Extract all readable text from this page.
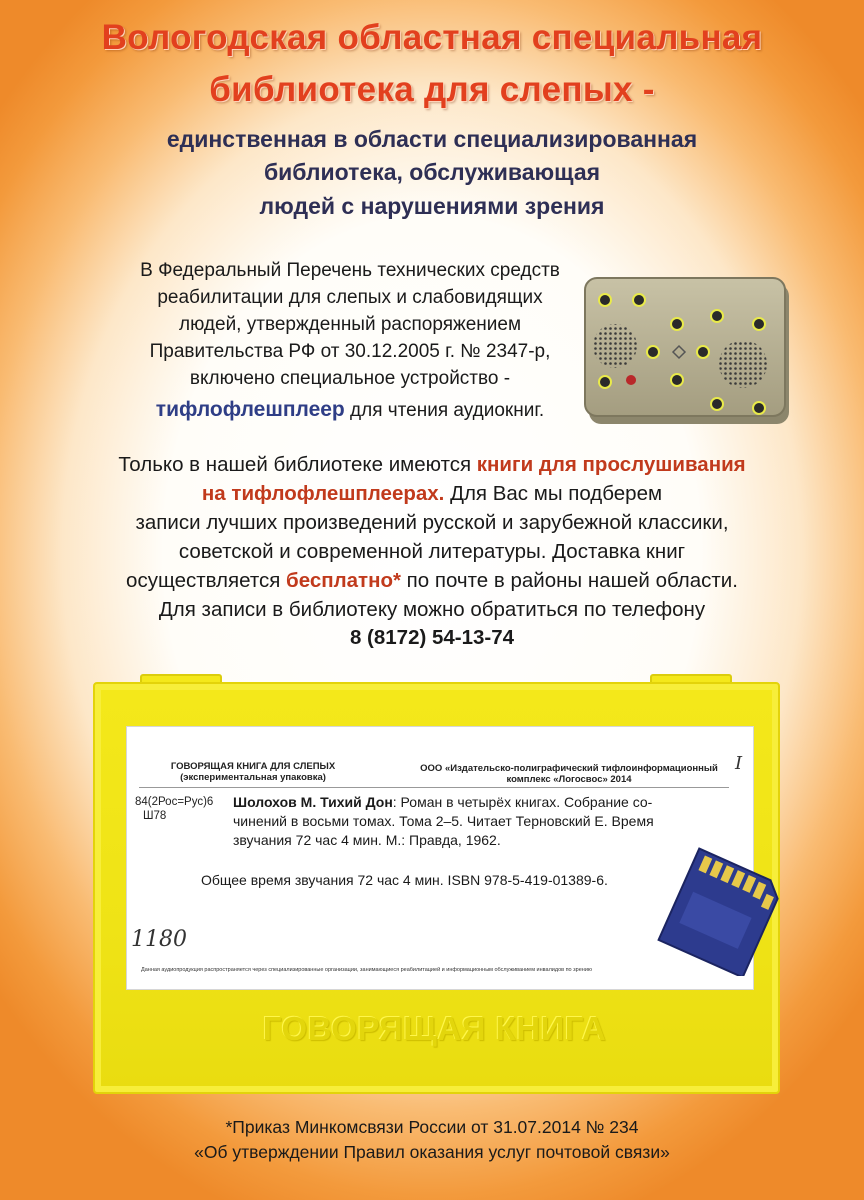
Вологодская областная специальная
библиотека для слепых -
единственная в области специализированная
библиотека, обслуживающая
людей с нарушениями зрения
В Федеральный Перечень технических средств
реабилитации для слепых и слабовидящих
людей, утвержденный распоряжением
Правительства РФ от 30.12.2005 г. № 2347-р,
включено специальное устройство -
тифлофлешплеер для чтения аудиокниг.
Только в нашей библиотеке имеются книги для прослушивания
на тифлофлешплеерах. Для Вас мы подберем
записи лучших произведений русской и зарубежной классики,
советской и современной литературы. Доставка книг
осуществляется бесплатно* по почте в районы нашей области.
Для записи в библиотеку можно обратиться по телефону
8 (8172) 54-13-74
ГОВОРЯЩАЯ КНИГА ДЛЯ СЛЕПЫХ
(экспериментальная упаковка)
ООО «Издательско-полиграфический тифлоинформационный
комплекс «Логосвос» 2014
I
84(2Рос=Рус)6
Ш78
Шолохов М. Тихий Дон: Роман в четырёх книгах. Собрание со-
чинений в восьми томах. Тома 2–5. Читает Терновский Е. Время
звучания 72 час 4 мин. М.: Правда, 1962.
Общее время звучания 72 час 4 мин. ISBN 978-5-419-01389-6.
1180
Данная аудиопродукция распространяется через специализированные организации, занимающиеся реабилитацией и информационным обслуживанием инвалидов по зрению
ГОВОРЯЩАЯ КНИГА
*Приказ Минкомсвязи России от 31.07.2014 № 234
«Об утверждении Правил оказания услуг почтовой связи»
